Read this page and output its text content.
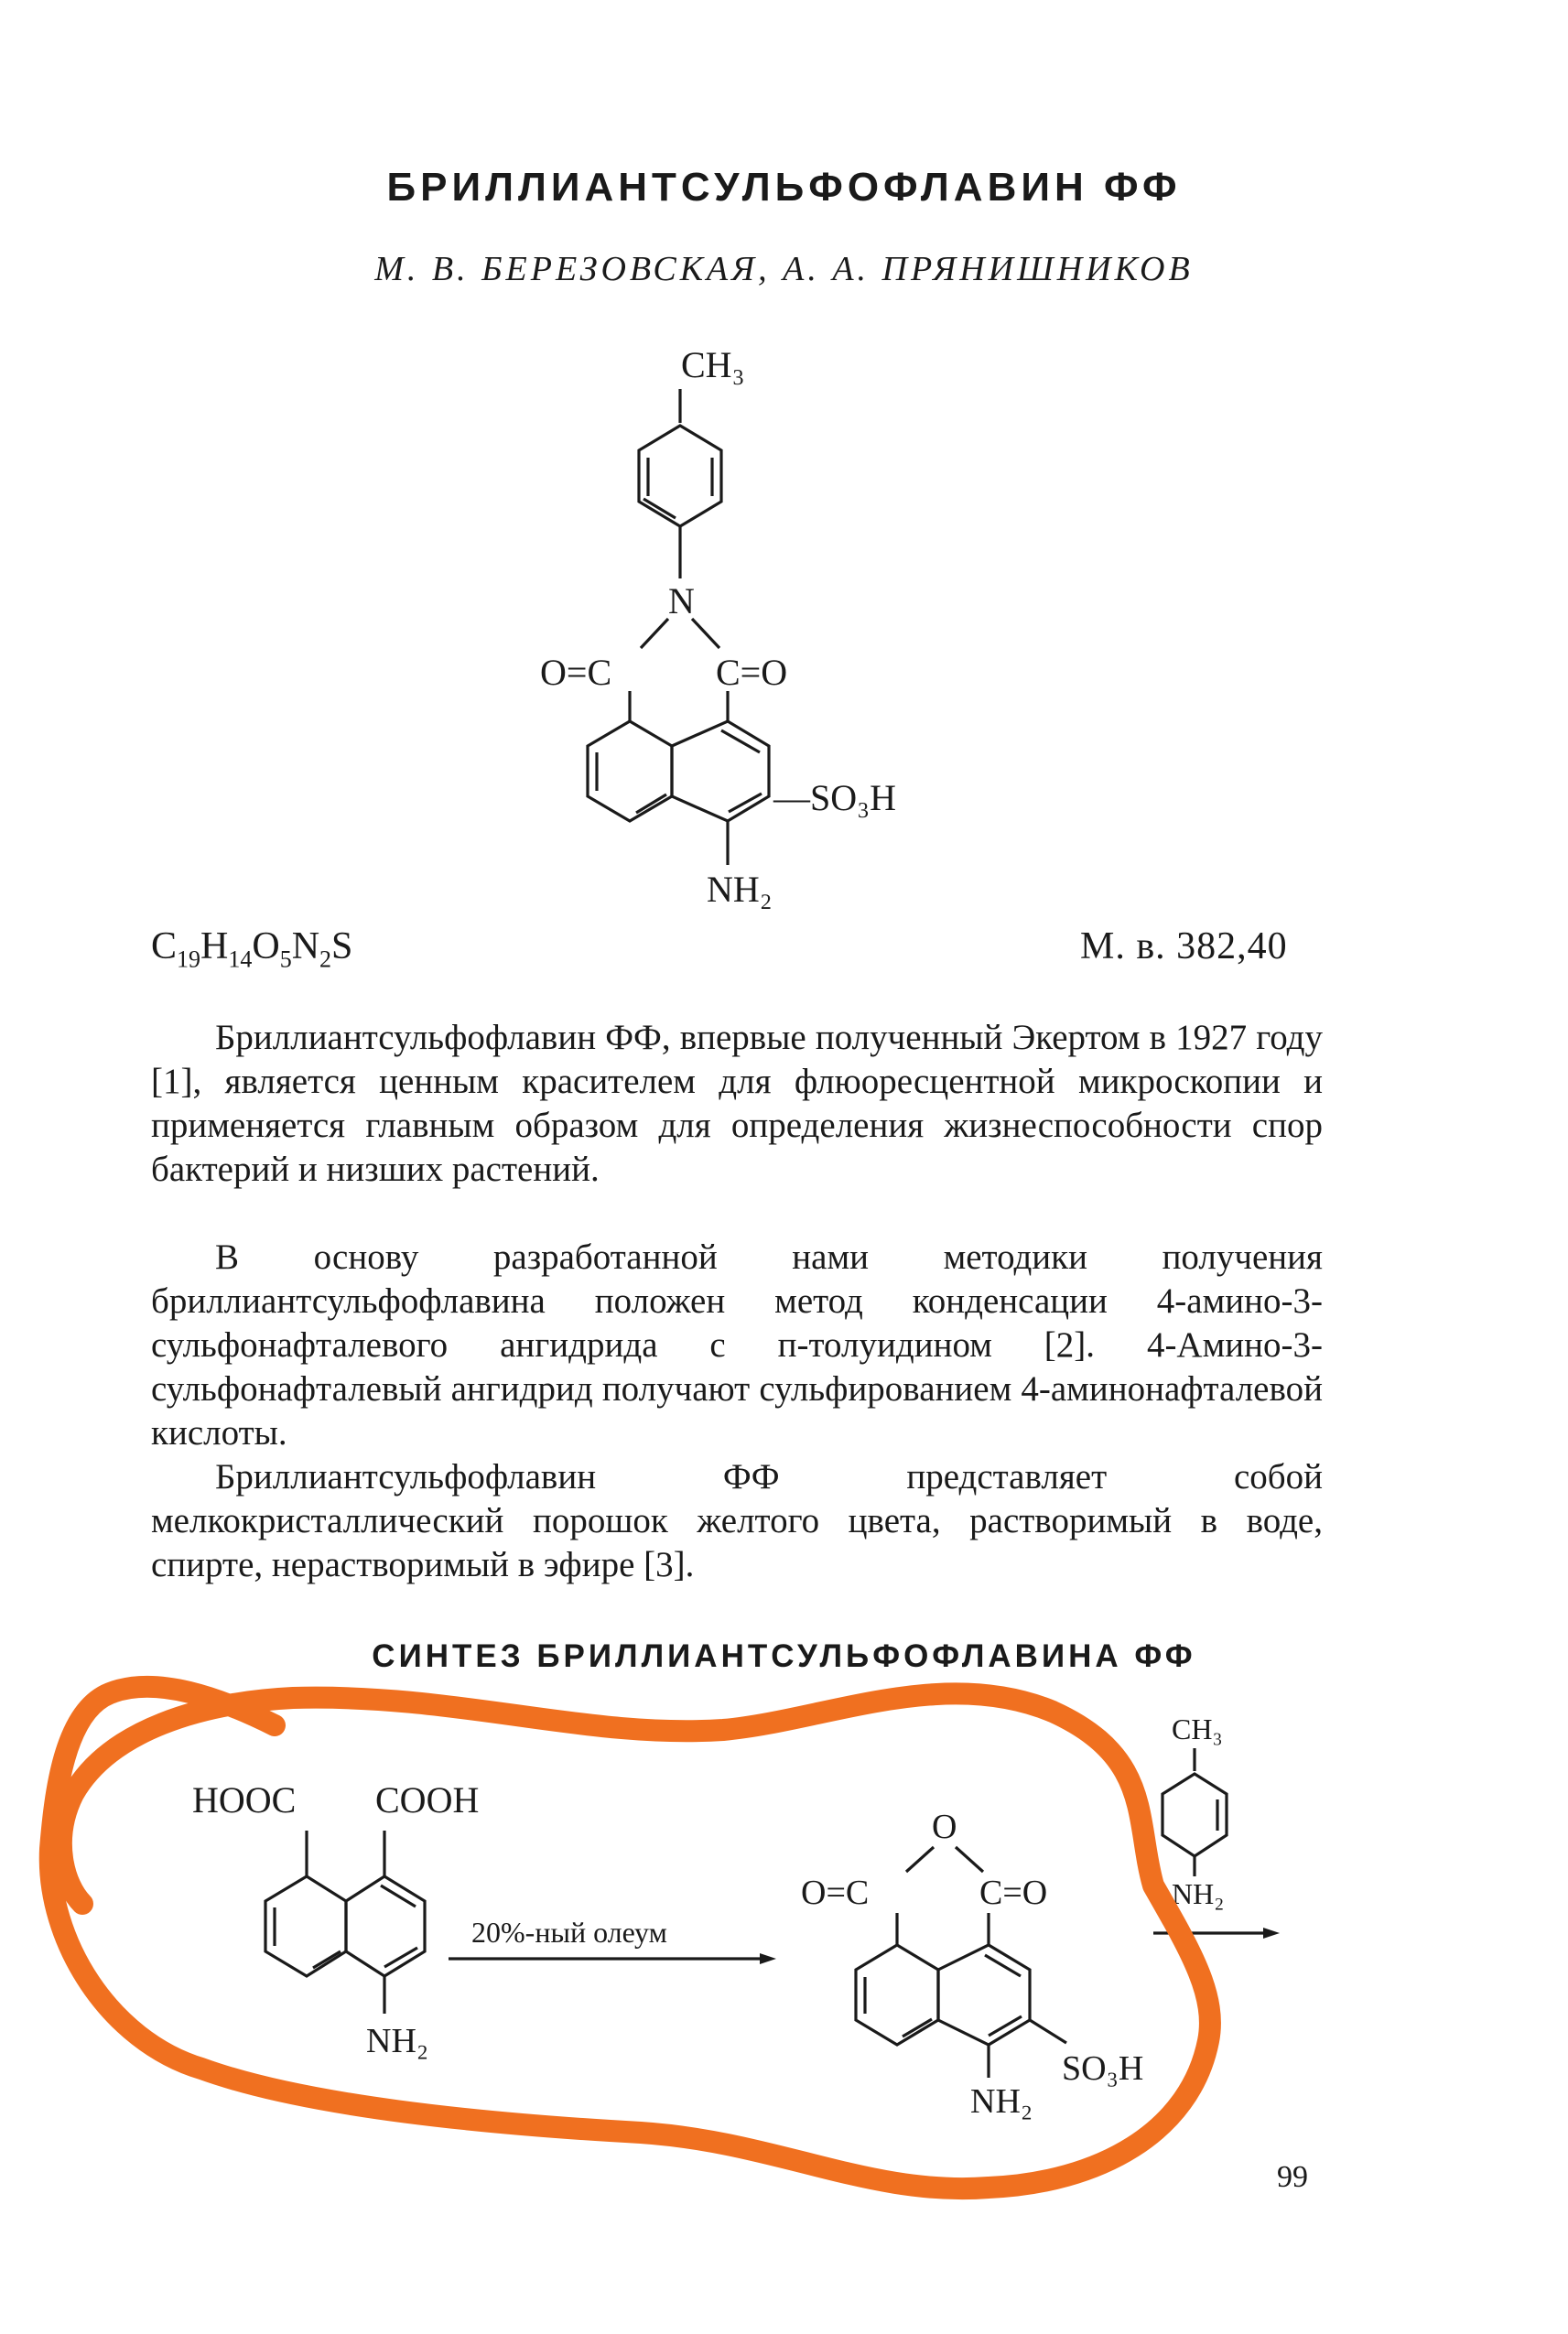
БРИЛЛИАНТСУЛЬФОФЛАВИН ФФ
М. В. БЕРЕЗОВСКАЯ, А. А. ПРЯНИШНИКОВ
CH₃
N
O=C	C=O
—SO₃H
NH₂
$C_{19}H_{14}O_5N_2S$	М. в. 382,40

Бриллиантсульфофлавин ФФ, впервые полученный Экертом в 1927 году [1], является ценным красителем для флюоресцентной микроскопии и применяется главным образом для определения жизнеспособности спор бактерий и низших растений.

В основу разработанной нами методики получения бриллиантсульфофлавина положен метод конденсации 4-амино-3-сульфонафталевого ангидрида с п-толуидином [2]. 4-Амино-3-сульфонафталевый ангидрид получают сульфированием 4-аминонафталевой кислоты.

Бриллиантсульфофлавин ФФ представляет собой мелкокристаллический порошок желтого цвета, растворимый в воде, спирте, нерастворимый в эфире [3].

СИНТЕЗ БРИЛЛИАНТСУЛЬФОФЛАВИНА ФФ
HOOC COOH
NH₂
20%-ный олеум
O
O=C	C=O
SO₃H
NH₂
CH₃
NH₂
99
